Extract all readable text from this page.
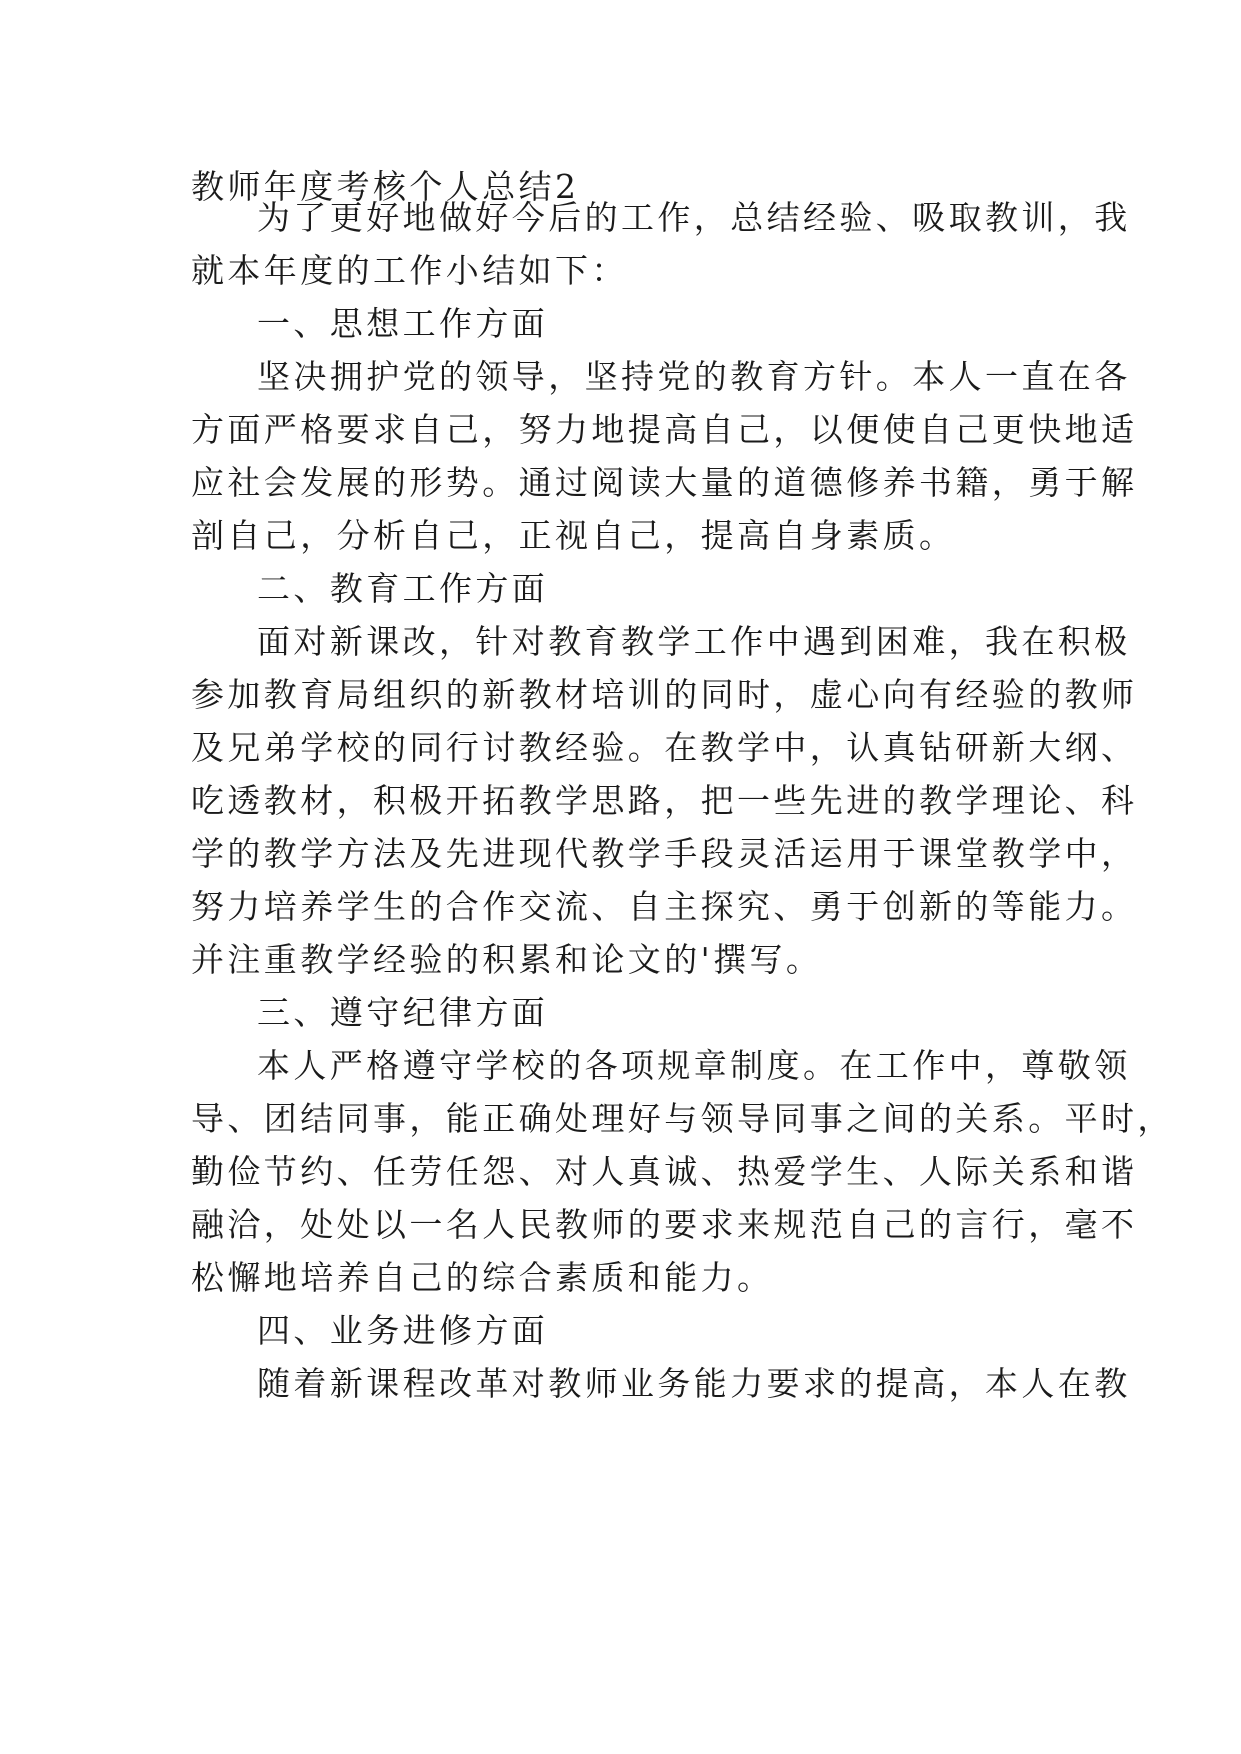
教师年度考核个人总结2
为了更好地做好今后的工作，总结经验、吸取教训，我
就本年度的工作小结如下：
一、思想工作方面
坚决拥护党的领导，坚持党的教育方针。本人一直在各
方面严格要求自己，努力地提高自己，以便使自己更快地适
应社会发展的形势。通过阅读大量的道德修养书籍，勇于解
剖自己，分析自己，正视自己，提高自身素质。
二、教育工作方面
面对新课改，针对教育教学工作中遇到困难，我在积极
参加教育局组织的新教材培训的同时，虚心向有经验的教师
及兄弟学校的同行讨教经验。在教学中，认真钻研新大纲、
吃透教材，积极开拓教学思路，把一些先进的教学理论、科
学的教学方法及先进现代教学手段灵活运用于课堂教学中，
努力培养学生的合作交流、自主探究、勇于创新的等能力。
并注重教学经验的积累和论文的'撰写。
三、遵守纪律方面
本人严格遵守学校的各项规章制度。在工作中，尊敬领
导、团结同事，能正确处理好与领导同事之间的关系。平时，
勤俭节约、任劳任怨、对人真诚、热爱学生、人际关系和谐
融洽，处处以一名人民教师的要求来规范自己的言行，毫不
松懈地培养自己的综合素质和能力。
四、业务进修方面
随着新课程改革对教师业务能力要求的提高，本人在教
